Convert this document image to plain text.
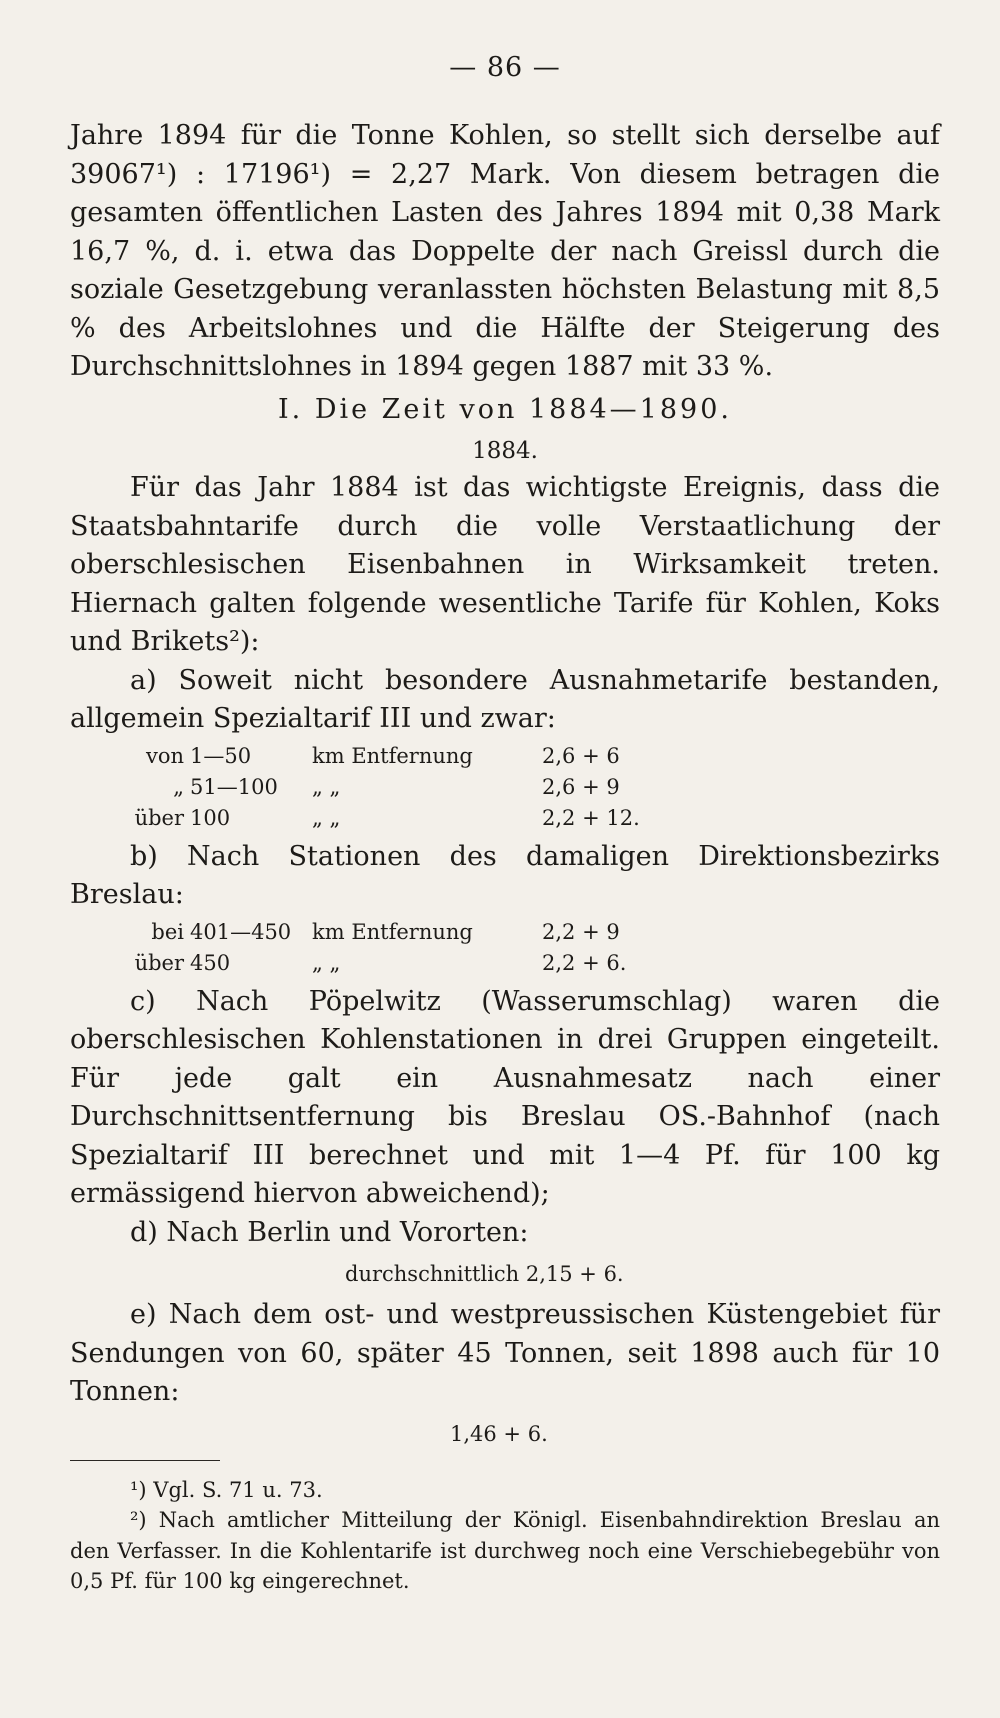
— 86 —

Jahre 1894 für die Tonne Kohlen, so stellt sich derselbe auf 39067¹) : 17196¹) = 2,27 Mark. Von diesem betragen die gesamten öffentlichen Lasten des Jahres 1894 mit 0,38 Mark 16,7 %, d. i. etwa das Doppelte der nach Greissl durch die soziale Gesetzgebung veranlassten höchsten Belastung mit 8,5 % des Arbeitslohnes und die Hälfte der Steigerung des Durchschnittslohnes in 1894 gegen 1887 mit 33 %.

I. Die Zeit von 1884—1890.
1884.

Für das Jahr 1884 ist das wichtigste Ereignis, dass die Staatsbahntarife durch die volle Verstaatlichung der oberschlesischen Eisenbahnen in Wirksamkeit treten. Hiernach galten folgende wesentliche Tarife für Kohlen, Koks und Brikets²):

a) Soweit nicht besondere Ausnahmetarife bestanden, allgemein Spezialtarif III und zwar:

von 1—50	km Entfernung	2,6 + 6
„ 51—100	„ „	2,6 + 9
über 100	„ „	2,2 + 12.

b) Nach Stationen des damaligen Direktionsbezirks Breslau:

bei 401—450 km Entfernung	2,2 + 9
über 450	„ „	2,2 + 6.

c) Nach Pöpelwitz (Wasserumschlag) waren die oberschlesischen Kohlenstationen in drei Gruppen eingeteilt. Für jede galt ein Ausnahmesatz nach einer Durchschnittsentfernung bis Breslau OS.-Bahnhof (nach Spezialtarif III berechnet und mit 1—4 Pf. für 100 kg ermässigend hiervon abweichend);

d) Nach Berlin und Vororten:

durchschnittlich 2,15 + 6.

e) Nach dem ost- und westpreussischen Küstengebiet für Sendungen von 60, später 45 Tonnen, seit 1898 auch für 10 Tonnen:

1,46 + 6.

¹) Vgl. S. 71 u. 73.

²) Nach amtlicher Mitteilung der Königl. Eisenbahndirektion Breslau an den Verfasser. In die Kohlentarife ist durchweg noch eine Verschiebegebühr von 0,5 Pf. für 100 kg eingerechnet.
